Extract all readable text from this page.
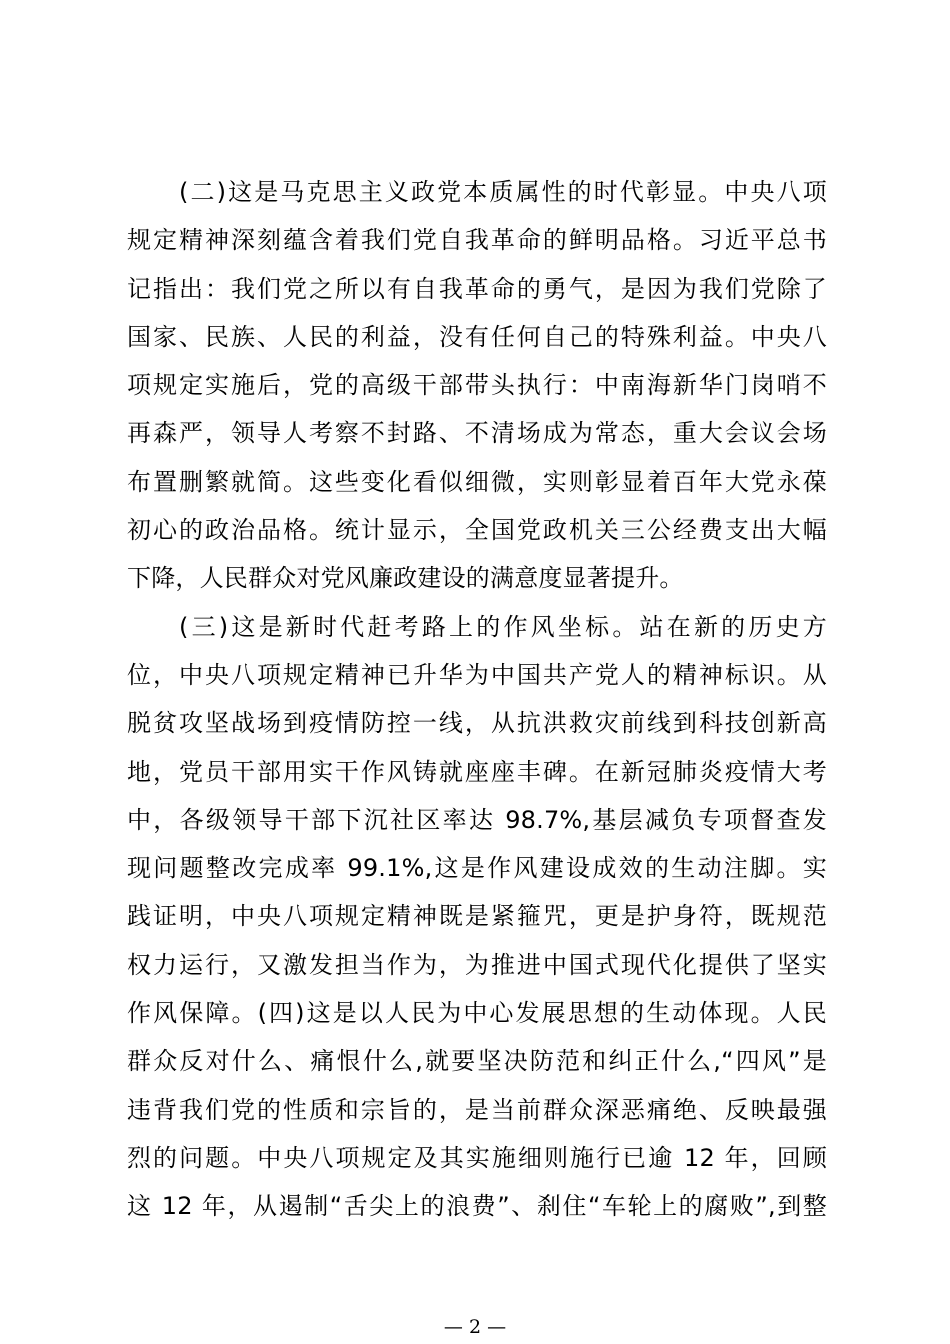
(二)这是马克思主义政党本质属性的时代彰显。中央八项
规定精神深刻蕴含着我们党自我革命的鲜明品格。习近平总书
记指出：我们党之所以有自我革命的勇气，是因为我们党除了
国家、民族、人民的利益，没有任何自己的特殊利益。中央八
项规定实施后，党的高级干部带头执行：中南海新华门岗哨不
再森严，领导人考察不封路、不清场成为常态，重大会议会场
布置删繁就简。这些变化看似细微，实则彰显着百年大党永葆
初心的政治品格。统计显示，全国党政机关三公经费支出大幅
下降，人民群众对党风廉政建设的满意度显著提升。
(三)这是新时代赶考路上的作风坐标。站在新的历史方
位，中央八项规定精神已升华为中国共产党人的精神标识。从
脱贫攻坚战场到疫情防控一线，从抗洪救灾前线到科技创新高
地，党员干部用实干作风铸就座座丰碑。在新冠肺炎疫情大考
中，各级领导干部下沉社区率达 98.7%,基层减负专项督查发
现问题整改完成率 99.1%,这是作风建设成效的生动注脚。实
践证明，中央八项规定精神既是紧箍咒，更是护身符，既规范
权力运行，又激发担当作为，为推进中国式现代化提供了坚实
作风保障。(四)这是以人民为中心发展思想的生动体现。人民
群众反对什么、痛恨什么,就要坚决防范和纠正什么,“四风”是
违背我们党的性质和宗旨的，是当前群众深恶痛绝、反映最强
烈的问题。中央八项规定及其实施细则施行已逾 12 年，回顾
这 12 年，从遏制“舌尖上的浪费”、刹住“车轮上的腐败”,到整
— 2 —
